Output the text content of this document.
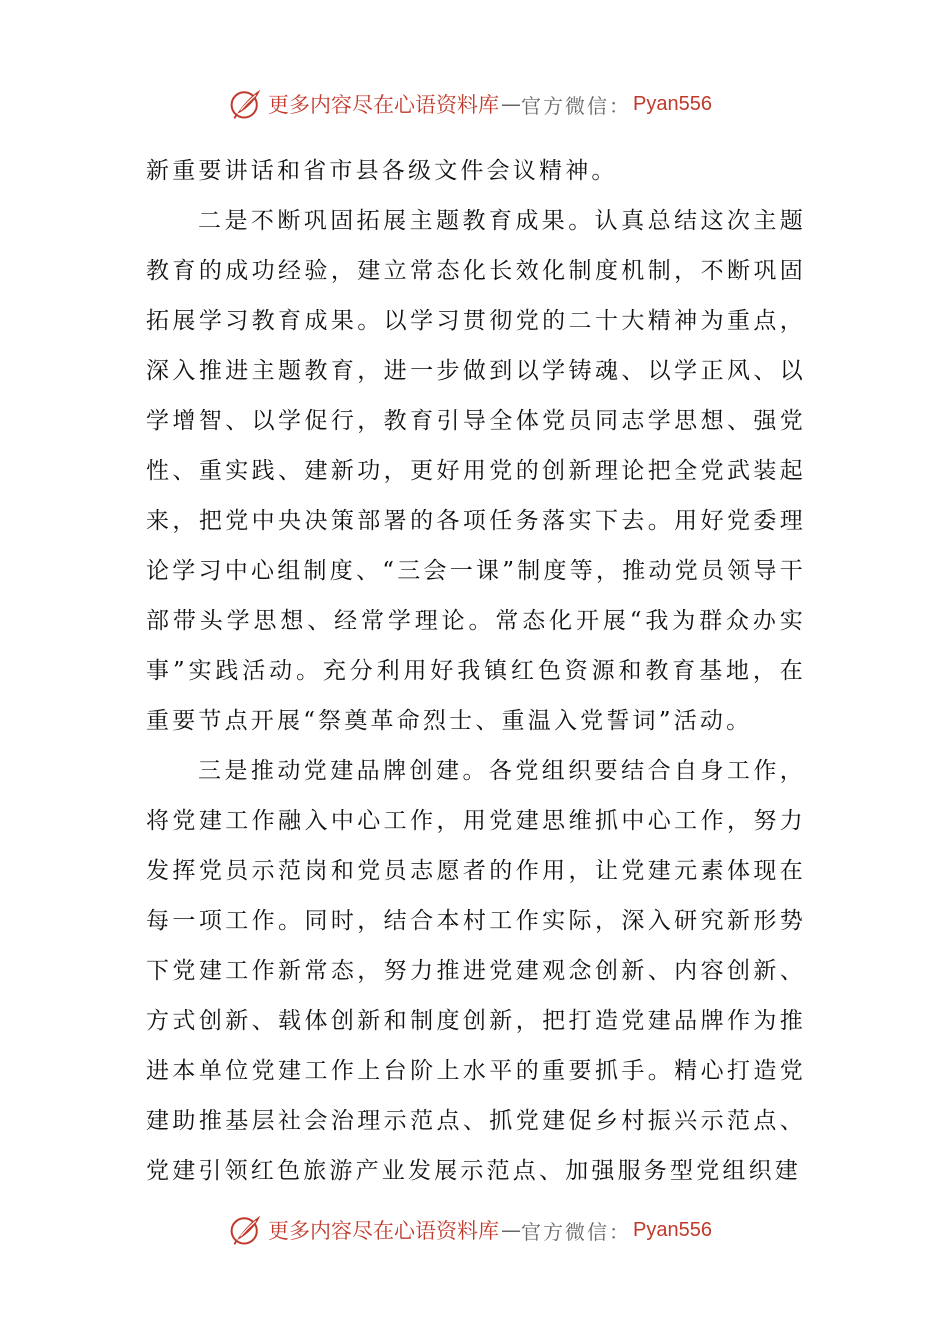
更多内容尽在心语资料库 — 官方微信： Pyan556

新重要讲话和省市县各级文件会议精神。

二是不断巩固拓展主题教育成果。认真总结这次主题教育的成功经验，建立常态化长效化制度机制，不断巩固拓展学习教育成果。以学习贯彻党的二十大精神为重点，深入推进主题教育，进一步做到以学铸魂、以学正风、以学增智、以学促行，教育引导全体党员同志学思想、强党性、重实践、建新功，更好用党的创新理论把全党武装起来，把党中央决策部署的各项任务落实下去。用好党委理论学习中心组制度、“三会一课”制度等，推动党员领导干部带头学思想、经常学理论。常态化开展“我为群众办实事”实践活动。充分利用好我镇红色资源和教育基地，在重要节点开展“祭奠革命烈士、重温入党誓词”活动。

三是推动党建品牌创建。各党组织要结合自身工作，将党建工作融入中心工作，用党建思维抓中心工作，努力发挥党员示范岗和党员志愿者的作用，让党建元素体现在每一项工作。同时，结合本村工作实际，深入研究新形势下党建工作新常态，努力推进党建观念创新、内容创新、方式创新、载体创新和制度创新，把打造党建品牌作为推进本单位党建工作上台阶上水平的重要抓手。精心打造党建助推基层社会治理示范点、抓党建促乡村振兴示范点、党建引领红色旅游产业发展示范点、加强服务型党组织建

更多内容尽在心语资料库 — 官方微信： Pyan556
